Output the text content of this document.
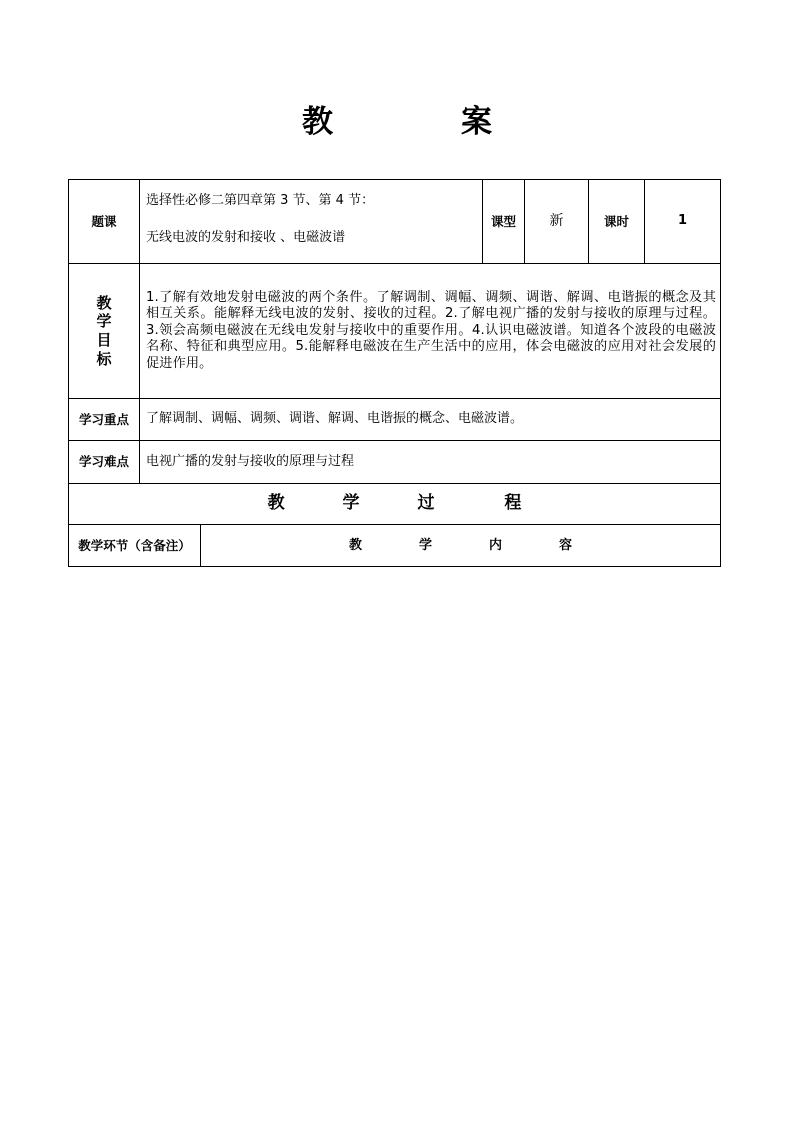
教	案
题课	选择性必修二第四章第 3 节、第 4 节：
无线电波的发射和接收 、电磁波谱		课型	新	课时	1

教
学
目
标	1.了解有效地发射电磁波的两个条件。了解调制、调幅、调频、调谐、解调、电谐振的概念及其相互关系。能解释无线电波的发射、接收的过程。2.了解电视广播的发射与接收的原理与过程。3.领会高频电磁波在无线电发射与接收中的重要作用。4.认识电磁波谱。知道各个波段的电磁波名称、特征和典型应用。5.能解释电磁波在生产生活中的应用，体会电磁波的应用对社会发展的促进作用。					
学习重点	了解调制、调幅、调频、调谐、解调、电谐振的概念、电磁波谱。					
学习难点	电视广播的发射与接收的原理与过程					
教 学 过 程						
教学环节（含备注）		教 学 内 容				
